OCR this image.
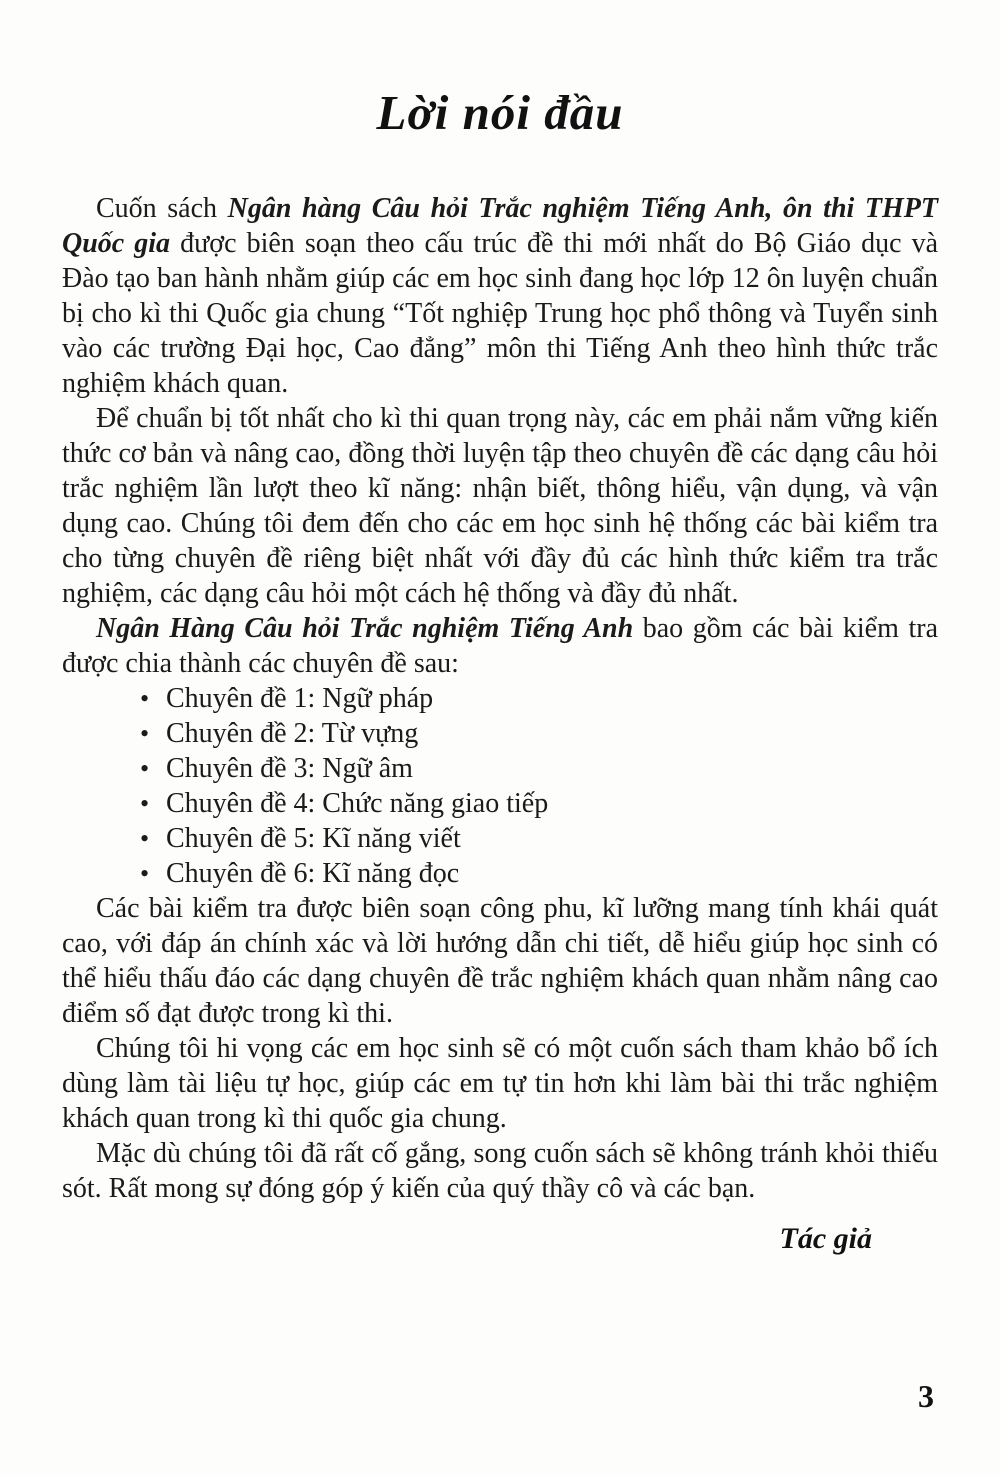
Lời nói đầu

Cuốn sách Ngân hàng Câu hỏi Trắc nghiệm Tiếng Anh, ôn thi THPT Quốc gia được biên soạn theo cấu trúc đề thi mới nhất do Bộ Giáo dục và Đào tạo ban hành nhằm giúp các em học sinh đang học lớp 12 ôn luyện chuẩn bị cho kì thi Quốc gia chung “Tốt nghiệp Trung học phổ thông và Tuyển sinh vào các trường Đại học, Cao đẳng” môn thi Tiếng Anh theo hình thức trắc nghiệm khách quan.

Để chuẩn bị tốt nhất cho kì thi quan trọng này, các em phải nắm vững kiến thức cơ bản và nâng cao, đồng thời luyện tập theo chuyên đề các dạng câu hỏi trắc nghiệm lần lượt theo kĩ năng: nhận biết, thông hiểu, vận dụng, và vận dụng cao. Chúng tôi đem đến cho các em học sinh hệ thống các bài kiểm tra cho từng chuyên đề riêng biệt nhất với đầy đủ các hình thức kiểm tra trắc nghiệm, các dạng câu hỏi một cách hệ thống và đầy đủ nhất.

Ngân Hàng Câu hỏi Trắc nghiệm Tiếng Anh bao gồm các bài kiểm tra được chia thành các chuyên đề sau:

• Chuyên đề 1: Ngữ pháp
• Chuyên đề 2: Từ vựng
• Chuyên đề 3: Ngữ âm
• Chuyên đề 4: Chức năng giao tiếp
• Chuyên đề 5: Kĩ năng viết
• Chuyên đề 6: Kĩ năng đọc

Các bài kiểm tra được biên soạn công phu, kĩ lưỡng mang tính khái quát cao, với đáp án chính xác và lời hướng dẫn chi tiết, dễ hiểu giúp học sinh có thể hiểu thấu đáo các dạng chuyên đề trắc nghiệm khách quan nhằm nâng cao điểm số đạt được trong kì thi.

Chúng tôi hi vọng các em học sinh sẽ có một cuốn sách tham khảo bổ ích dùng làm tài liệu tự học, giúp các em tự tin hơn khi làm bài thi trắc nghiệm khách quan trong kì thi quốc gia chung.

Mặc dù chúng tôi đã rất cố gắng, song cuốn sách sẽ không tránh khỏi thiếu sót. Rất mong sự đóng góp ý kiến của quý thầy cô và các bạn.

Tác giả
3
